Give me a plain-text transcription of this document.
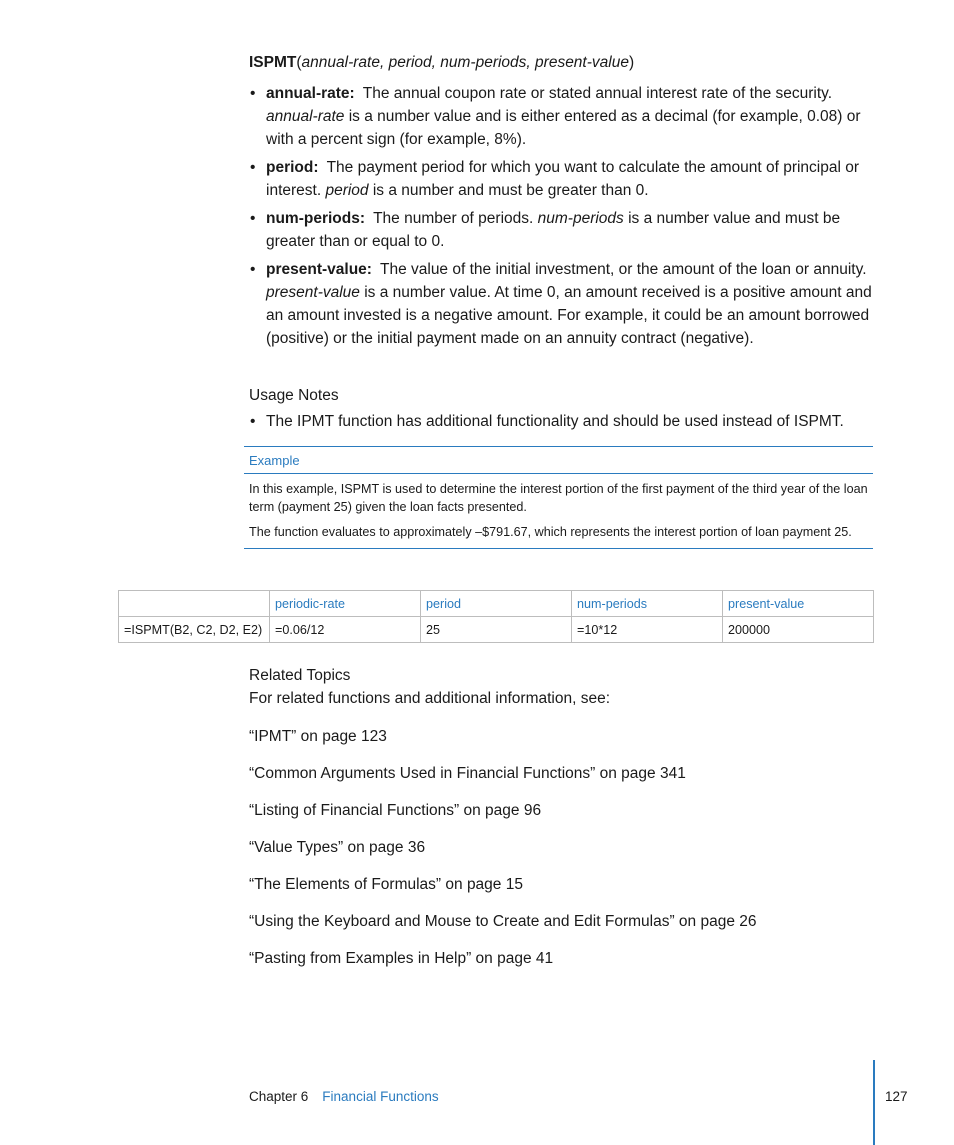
ISPMT(annual-rate, period, num-periods, present-value)
• annual-rate: The annual coupon rate or stated annual interest rate of the security. annual-rate is a number value and is either entered as a decimal (for example, 0.08) or with a percent sign (for example, 8%).
• period: The payment period for which you want to calculate the amount of principal or interest. period is a number and must be greater than 0.
• num-periods: The number of periods. num-periods is a number value and must be greater than or equal to 0.
• present-value: The value of the initial investment, or the amount of the loan or annuity. present-value is a number value. At time 0, an amount received is a positive amount and an amount invested is a negative amount. For example, it could be an amount borrowed (positive) or the initial payment made on an annuity contract (negative).
Usage Notes
• The IPMT function has additional functionality and should be used instead of ISPMT.
Example

In this example, ISPMT is used to determine the interest portion of the first payment of the third year of the loan term (payment 25) given the loan facts presented.

The function evaluates to approximately –$791.67, which represents the interest portion of loan payment 25.

	periodic-rate	period	num-periods	present-value
=ISPMT(B2, C2, D2, E2)	=0.06/12	25	=10*12	200000
Related Topics
For related functions and additional information, see:
“IPMT” on page 123
“Common Arguments Used in Financial Functions” on page 341
“Listing of Financial Functions” on page 96
“Value Types” on page 36
“The Elements of Formulas” on page 15
“Using the Keyboard and Mouse to Create and Edit Formulas” on page 26
“Pasting from Examples in Help” on page 41
Chapter 6 Financial Functions	127
